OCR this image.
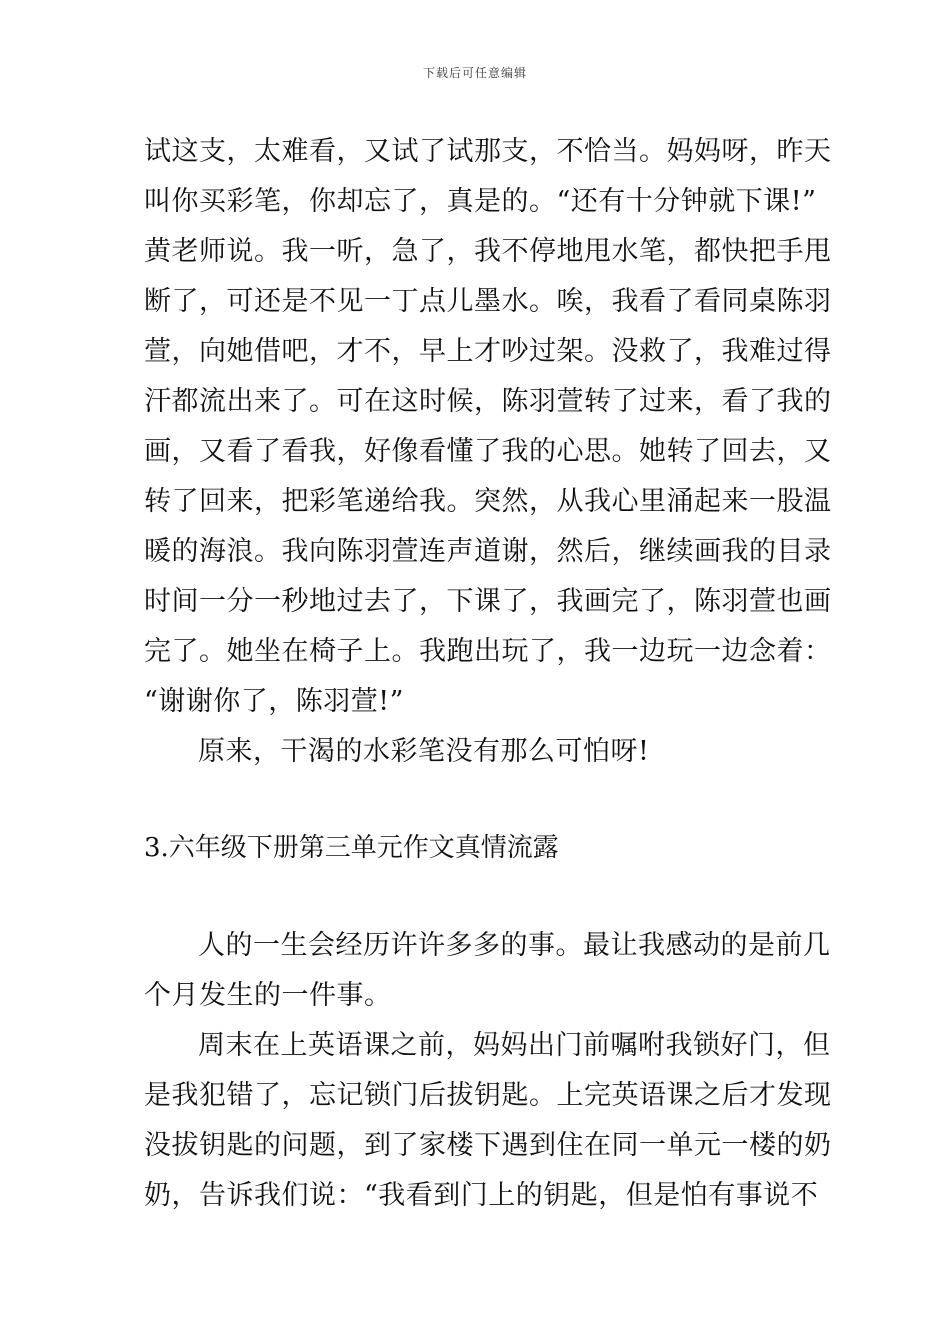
下载后可任意编辑
试这支，太难看，又试了试那支，不恰当。妈妈呀，昨天
叫你买彩笔，你却忘了，真是的。“还有十分钟就下课!”
黄老师说。我一听，急了，我不停地甩水笔，都快把手甩
断了，可还是不见一丁点儿墨水。唉，我看了看同桌陈羽
萱，向她借吧，才不，早上才吵过架。没救了，我难过得
汗都流出来了。可在这时候，陈羽萱转了过来，看了我的
画，又看了看我，好像看懂了我的心思。她转了回去，又
转了回来，把彩笔递给我。突然，从我心里涌起来一股温
暖的海浪。我向陈羽萱连声道谢，然后，继续画我的目录
时间一分一秒地过去了，下课了，我画完了，陈羽萱也画
完了。她坐在椅子上。我跑出玩了，我一边玩一边念着：
“谢谢你了，陈羽萱!”
原来，干渴的水彩笔没有那么可怕呀!
3.六年级下册第三单元作文真情流露
人的一生会经历许许多多的事。最让我感动的是前几
个月发生的一件事。
周末在上英语课之前，妈妈出门前嘱咐我锁好门，但
是我犯错了，忘记锁门后拔钥匙。上完英语课之后才发现
没拔钥匙的问题，到了家楼下遇到住在同一单元一楼的奶
奶，告诉我们说：“我看到门上的钥匙，但是怕有事说不
